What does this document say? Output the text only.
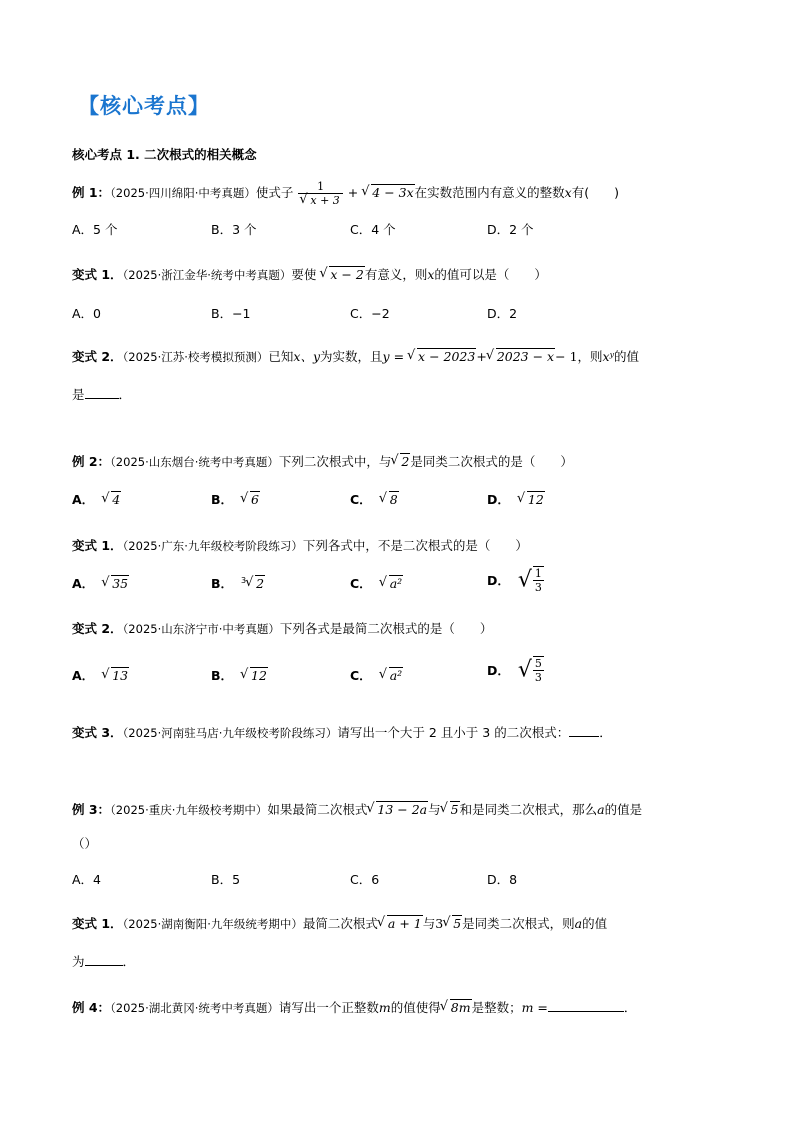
【核心考点】
核心考点 1. 二次根式的相关概念
例 1：（2025·四川绵阳·中考真题）使式子 1
√ x + 3 + √ 4 − 3x在实数范围内有意义的整数x有(　　)
A．5 个	B．3 个	C．4 个	D．2 个
变式 1．（2025·浙江金华·统考中考真题）要使 √ x − 2有意义，则x的值可以是（　　）
A．0	B．−1	C．−2	D．2
变式 2．（2025·江苏·校考模拟预测）已知x、y为实数，且y = √ x − 2023+ √ 2023 − x− 1，则xʸ的值
是	．
例 2：（2025·山东烟台·统考中考真题）下列二次根式中，与 √ 2是同类二次根式的是（　　）
A． √ 4	B． √ 6	C． √ 8	D． √ 12
变式 1．（2025·广东·九年级校考阶段练习）下列各式中，不是二次根式的是（　　）
A． √ 35	B． $^3$ √ 2	C． √ a²	D． √ $\frac{1}{3}$
变式 2．（2025·山东济宁市·中考真题）下列各式是最简二次根式的是（　　）
A． √ 13	B． √ 12	C． √ a²	D． √ $\frac{5}{3}$
变式 3．（2025·河南驻马店·九年级校考阶段练习）请写出一个大于 2 且小于 3 的二次根式： ．
例 3：（2025·重庆·九年级校考期中）如果最简二次根式 √ 13 − 2a与 √ 5和是同类二次根式，那么a的值是
（）
A．4	B．5	C．6	D．8
变式 1．（2025·湖南衡阳·九年级统考期中）最简二次根式 √ a + 1与3 √ 5是同类二次根式，则a的值
为	．
例 4：（2025·湖北黄冈·统考中考真题）请写出一个正整数m的值使得 √ 8m是整数；m =	．
